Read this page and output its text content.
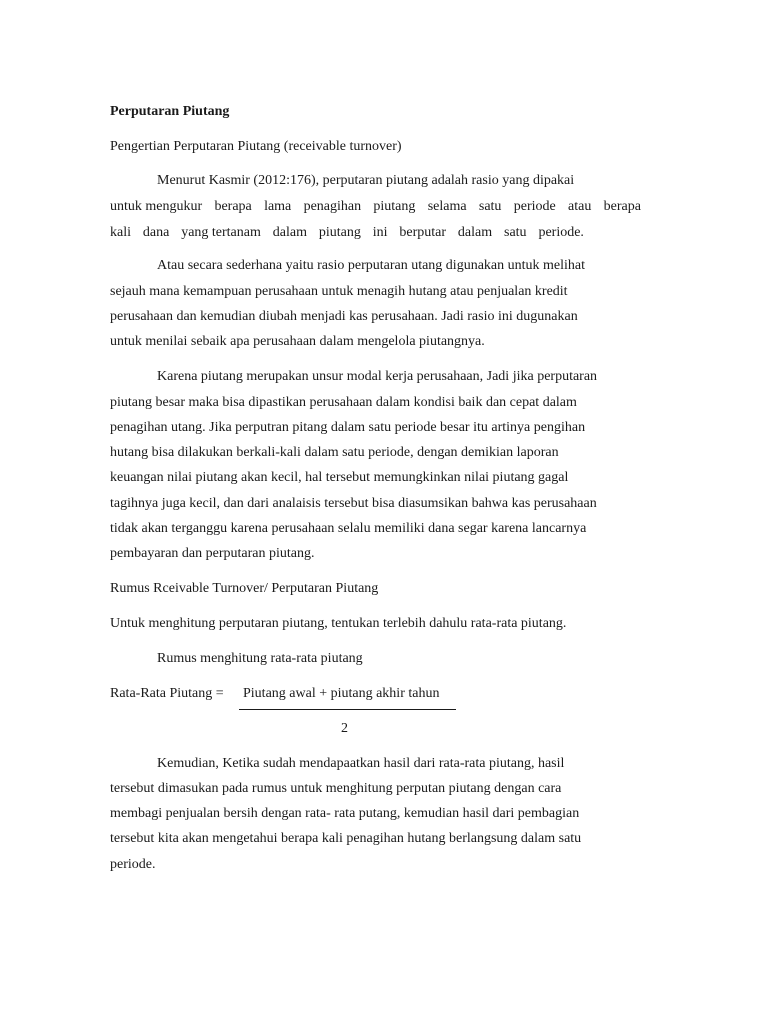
Perputaran Piutang
Pengertian Perputaran Piutang (receivable turnover)
Menurut Kasmir (2012:176), perputaran piutang adalah rasio yang dipakai
untuk mengukur berapa lama penagihan piutang selama satu periode atau berapa
kali dana yang tertanam dalam piutang ini berputar dalam satu periode.
Atau secara sederhana yaitu rasio perputaran utang digunakan untuk melihat
sejauh mana kemampuan perusahaan untuk menagih hutang atau penjualan kredit
perusahaan dan kemudian diubah menjadi kas perusahaan. Jadi rasio ini dugunakan
untuk menilai sebaik apa perusahaan dalam mengelola piutangnya.
Karena piutang merupakan unsur modal kerja perusahaan, Jadi jika perputaran
piutang besar maka bisa dipastikan perusahaan dalam kondisi baik dan cepat dalam
penagihan utang. Jika perputran pitang dalam satu periode besar itu artinya pengihan
hutang bisa dilakukan berkali-kali dalam satu periode, dengan demikian laporan
keuangan nilai piutang akan kecil, hal tersebut memungkinkan nilai piutang gagal
tagihnya juga kecil, dan dari analaisis tersebut bisa diasumsikan bahwa kas perusahaan
tidak akan terganggu karena perusahaan selalu memiliki dana segar karena lancarnya
pembayaran dan perputaran piutang.
Rumus Rceivable Turnover/ Perputaran Piutang
Untuk menghitung perputaran piutang, tentukan terlebih dahulu rata-rata piutang.
Rumus menghitung rata-rata piutang
Rata-Rata Piutang = Piutang awal + piutang akhir tahun
2
Kemudian, Ketika sudah mendapaatkan hasil dari rata-rata piutang, hasil
tersebut dimasukan pada rumus untuk menghitung perputan piutang dengan cara
membagi penjualan bersih dengan rata- rata putang, kemudian hasil dari pembagian
tersebut kita akan mengetahui berapa kali penagihan hutang berlangsung dalam satu
periode.
